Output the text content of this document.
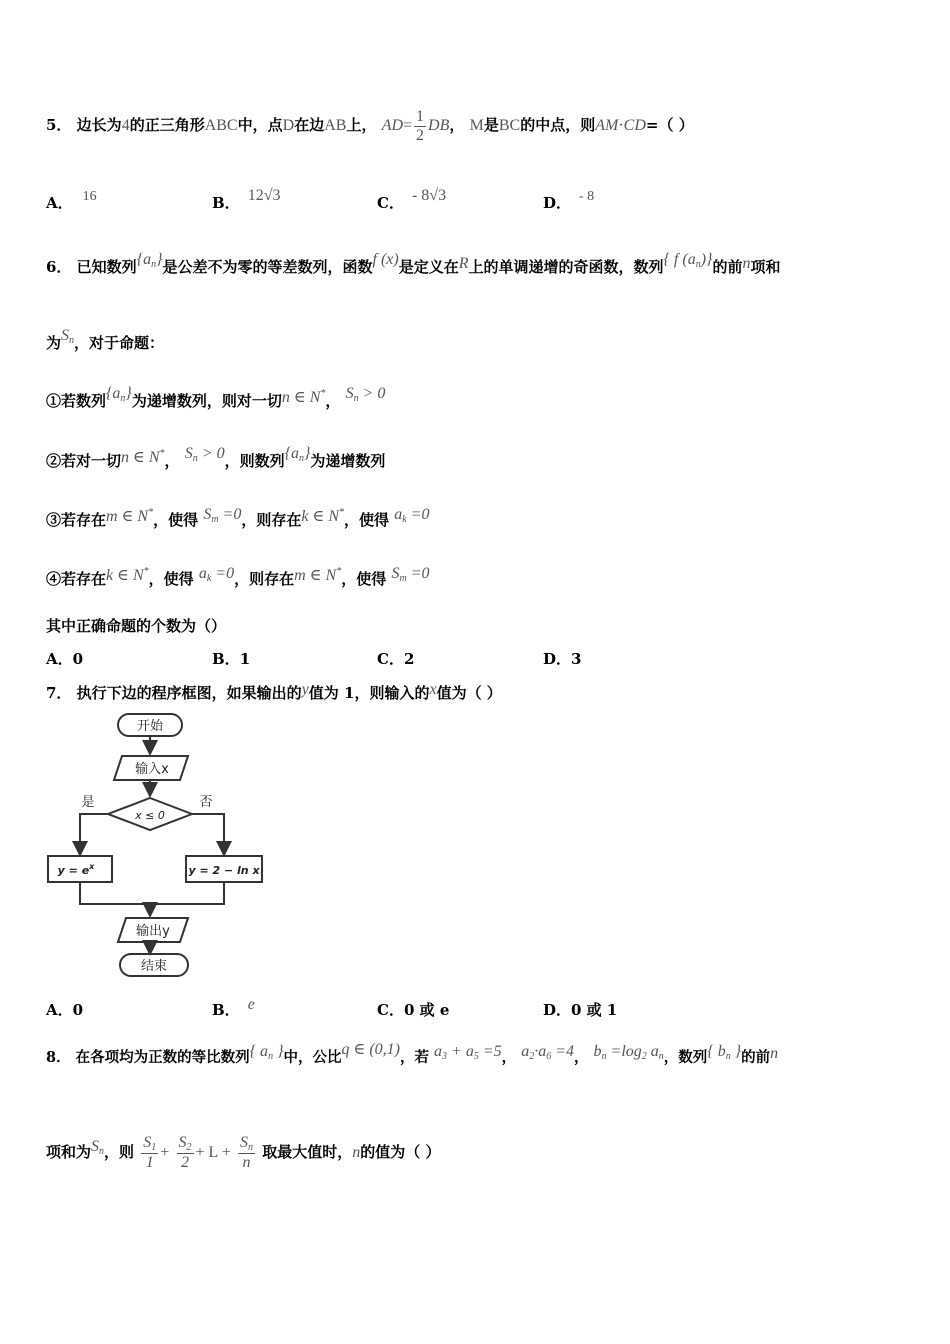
5． 边长为4的正三角形ABC中，点D在边AB上， $AD= \frac{1}{2}$ DB， M是BC的中点，则AM·CD=（ ）
A． 16	B． 12√3	C． - 8√3	D． - 8
6． 已知数列$\{a_n\}$是公差不为零的等差数列，函数f (x)是定义在R上的单调递增的奇函数，数列{ f $(a_n)$}的前n项和
为$S_n$，对于命题：
①若数列$\{a_n\}$为递增数列，则对一切n ∈ N*， $S_n > 0$
②若对一切n ∈ N*， $S_n > 0$，则数列$\{a_n\}$为递增数列
③若存在m ∈ N*，使得 $S_m =0$，则存在k ∈ N*，使得 $a_k =0$
④若存在k ∈ N*，使得 $a_k =0$，则存在m ∈ N*，使得 $S_m =0$
其中正确命题的个数为（）
A．0	B．1	C．2	D．3
7． 执行下边的程序框图，如果输出的y值为 1，则输入的x值为（ ）
开始
输入x
x ≤ 0
是	否
$y = e^x$	y = 2 − ln x
输出y
结束
A．0	B． e	C．0 或 e	D．0 或 1
8． 在各项均为正数的等比数列{ $a_n$ }中，公比q ∈ (0,1)，若 $a_3 + a_5 =5$， $a_2\cdot a_6 =4$， $b_n =\log_2$ $a_n$，数列{ $b_n$ }的前n
项和为$S_n$，则 $\frac{S_1}{1} + \frac{S_2}{2} + L + \frac{S_n}{n}$ 取最大值时，n的值为（ ）
